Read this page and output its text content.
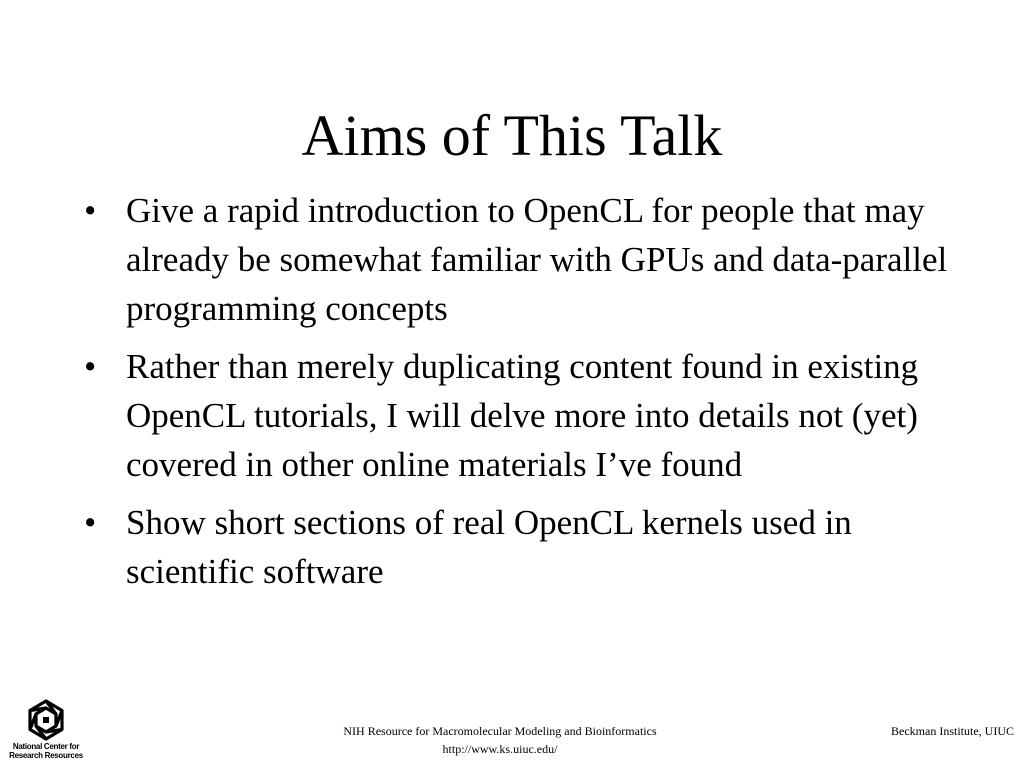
Aims of This Talk
• Give a rapid introduction to OpenCL for people that may already be somewhat familiar with GPUs and data-parallel programming concepts
• Rather than merely duplicating content found in existing OpenCL tutorials, I will delve more into details not (yet) covered in other online materials I’ve found
• Show short sections of real OpenCL kernels used in scientific software
National Center for
Research Resources
NIH Resource for Macromolecular Modeling and Bioinformatics
http://www.ks.uiuc.edu/
Beckman Institute, UIUC
